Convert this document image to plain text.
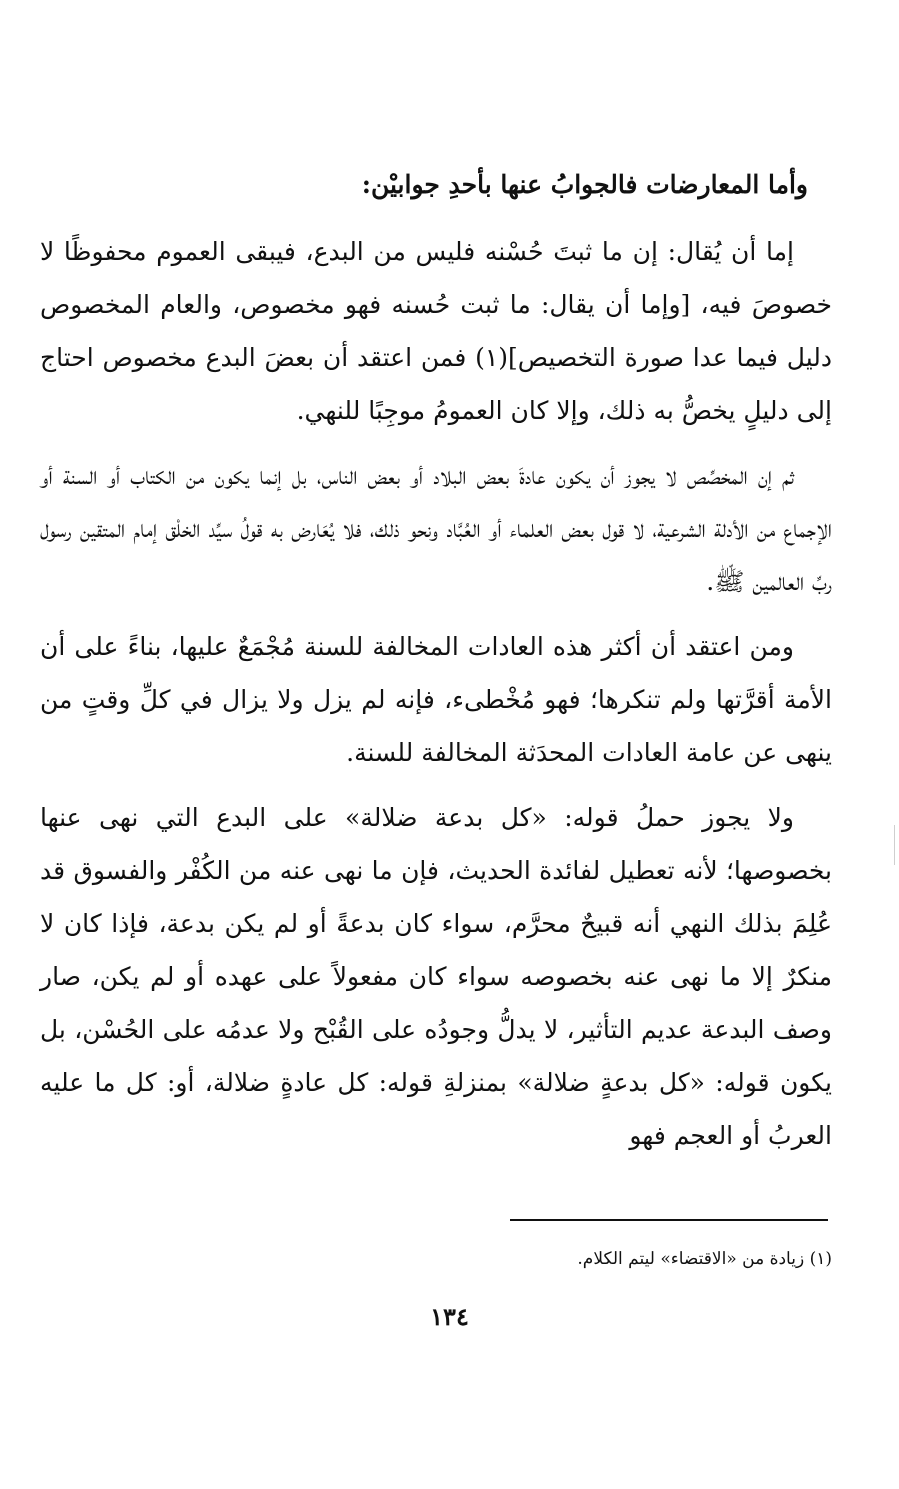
وأما المعارضات فالجوابُ عنها بأحدِ جوابيْن:

إما أن يُقال: إن ما ثبتَ حُسْنه فليس من البدع، فيبقى العموم محفوظًا لا خصوصَ فيه، [وإما أن يقال: ما ثبت حُسنه فهو مخصوص، والعام المخصوص دليل فيما عدا صورة التخصيص](١) فمن اعتقد أن بعضَ البدع مخصوص احتاج إلى دليلٍ يخصُّ به ذلك، وإلا كان العمومُ موجِبًا للنهي.

ثم إن المخصِّص لا يجوز أن يكون عادةَ بعض البلاد أو بعض الناس، بل إنما يكون من الكتاب أو السنة أو الإجماع من الأدلة الشرعية، لا قول بعض العلماء أو العُبَّاد ونحو ذلك، فلا يُعَارض به قولُ سيِّد الخلْق إمام المتقين رسول ربِّ العالمين ﷺ.

ومن اعتقد أن أكثر هذه العادات المخالفة للسنة مُجْمَعٌ عليها، بناءً على أن الأمة أقرَّتها ولم تنكرها؛ فهو مُخْطىء، فإنه لم يزل ولا يزال في كلِّ وقتٍ من ينهى عن عامة العادات المحدَثة المخالفة للسنة.

ولا يجوز حملُ قوله: «كل بدعة ضلالة» على البدع التي نهى عنها بخصوصها؛ لأنه تعطيل لفائدة الحديث، فإن ما نهى عنه من الكُفْر والفسوق قد عُلِمَ بذلك النهي أنه قبيحٌ محرَّم، سواء كان بدعةً أو لم يكن بدعة، فإذا كان لا منكرٌ إلا ما نهى عنه بخصوصه سواء كان مفعولاً على عهده أو لم يكن، صار وصف البدعة عديم التأثير، لا يدلُّ وجودُه على القُبْح ولا عدمُه على الحُسْن، بل يكون قوله: «كل بدعةٍ ضلالة» بمنزلةِ قوله: كل عادةٍ ضلالة، أو: كل ما عليه العربُ أو العجم فهو

(١) زيادة من «الاقتضاء» ليتم الكلام.
١٣٤
